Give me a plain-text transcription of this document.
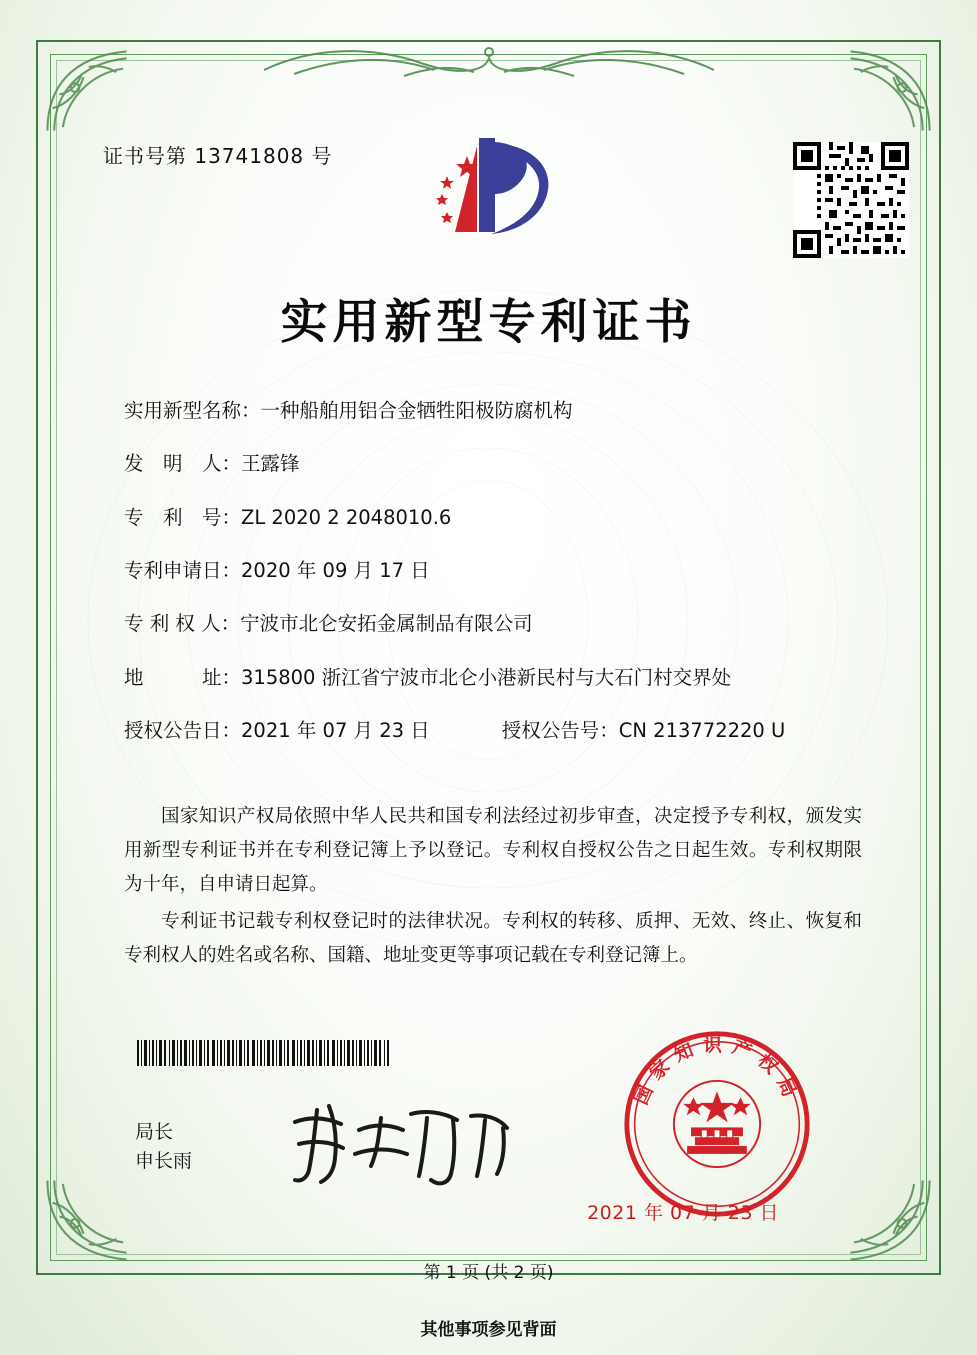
证书号第 13741808 号
实用新型专利证书
实用新型名称： 一种船舶用铝合金牺牲阳极防腐机构
发　明　人： 王露锋
专　利　号： ZL 2020 2 2048010.6
专利申请日： 2020 年 09 月 17 日
专 利 权 人： 宁波市北仑安拓金属制品有限公司
地　　　址： 315800 浙江省宁波市北仑小港新民村与大石门村交界处
授权公告日： 2021 年 07 月 23 日	授权公告号： CN 213772220 U

国家知识产权局依照中华人民共和国专利法经过初步审查，决定授予专利权，颁发实用新型专利证书并在专利登记簿上予以登记。专利权自授权公告之日起生效。专利权期限为十年，自申请日起算。

专利证书记载专利权登记时的法律状况。专利权的转移、质押、无效、终止、恢复和专利权人的姓名或名称、国籍、地址变更等事项记载在专利登记簿上。

局长
申长雨
国家知识产权局
2021 年 07 月 23 日
第 1 页 (共 2 页)
其他事项参见背面
